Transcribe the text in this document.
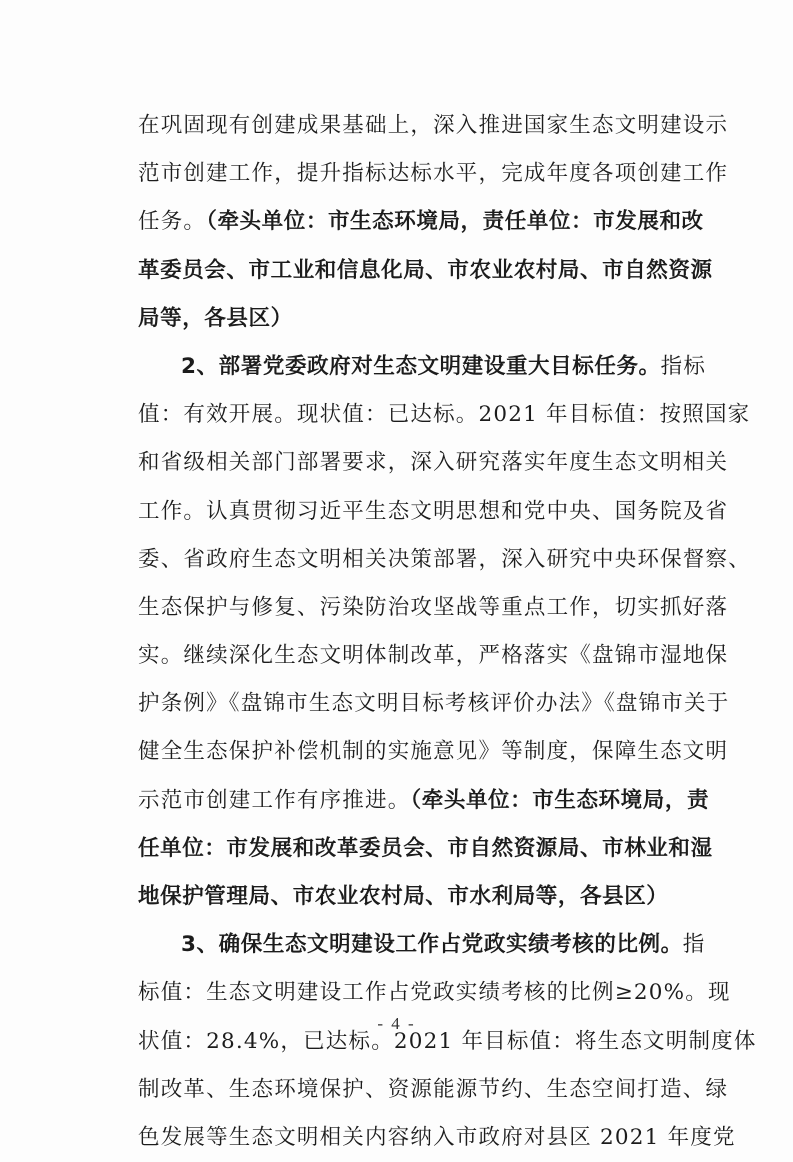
在巩固现有创建成果基础上，深入推进国家生态文明建设示
范市创建工作，提升指标达标水平，完成年度各项创建工作
任务。（牵头单位：市生态环境局，责任单位：市发展和改
革委员会、市工业和信息化局、市农业农村局、市自然资源
局等，各县区）
2、部署党委政府对生态文明建设重大目标任务。指标
值：有效开展。现状值：已达标。2021 年目标值：按照国家
和省级相关部门部署要求，深入研究落实年度生态文明相关
工作。认真贯彻习近平生态文明思想和党中央、国务院及省
委、省政府生态文明相关决策部署，深入研究中央环保督察、
生态保护与修复、污染防治攻坚战等重点工作，切实抓好落
实。继续深化生态文明体制改革，严格落实《盘锦市湿地保
护条例》《盘锦市生态文明目标考核评价办法》《盘锦市关于
健全生态保护补偿机制的实施意见》等制度，保障生态文明
示范市创建工作有序推进。（牵头单位：市生态环境局，责
任单位：市发展和改革委员会、市自然资源局、市林业和湿
地保护管理局、市农业农村局、市水利局等，各县区）
3、确保生态文明建设工作占党政实绩考核的比例。指
标值：生态文明建设工作占党政实绩考核的比例≥20%。现
状值：28.4%，已达标。2021 年目标值：将生态文明制度体
制改革、生态环境保护、资源能源节约、生态空间打造、绿
色发展等生态文明相关内容纳入市政府对县区 2021 年度党
- 4 -
